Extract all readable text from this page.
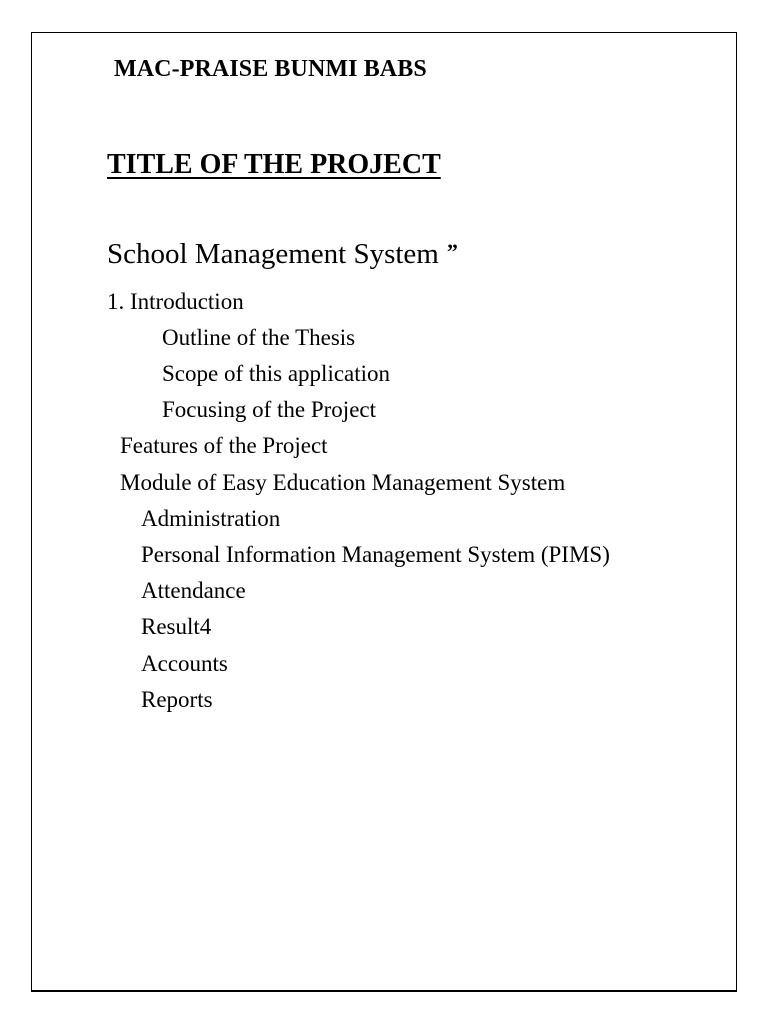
MAC-PRAISE BUNMI BABS
TITLE OF THE PROJECT
School Management System ”
1. Introduction
Outline of the Thesis
Scope of this application
Focusing of the Project
Features of the Project
Module of Easy Education Management System
Administration
Personal Information Management System (PIMS)
Attendance
Result4
Accounts
Reports
